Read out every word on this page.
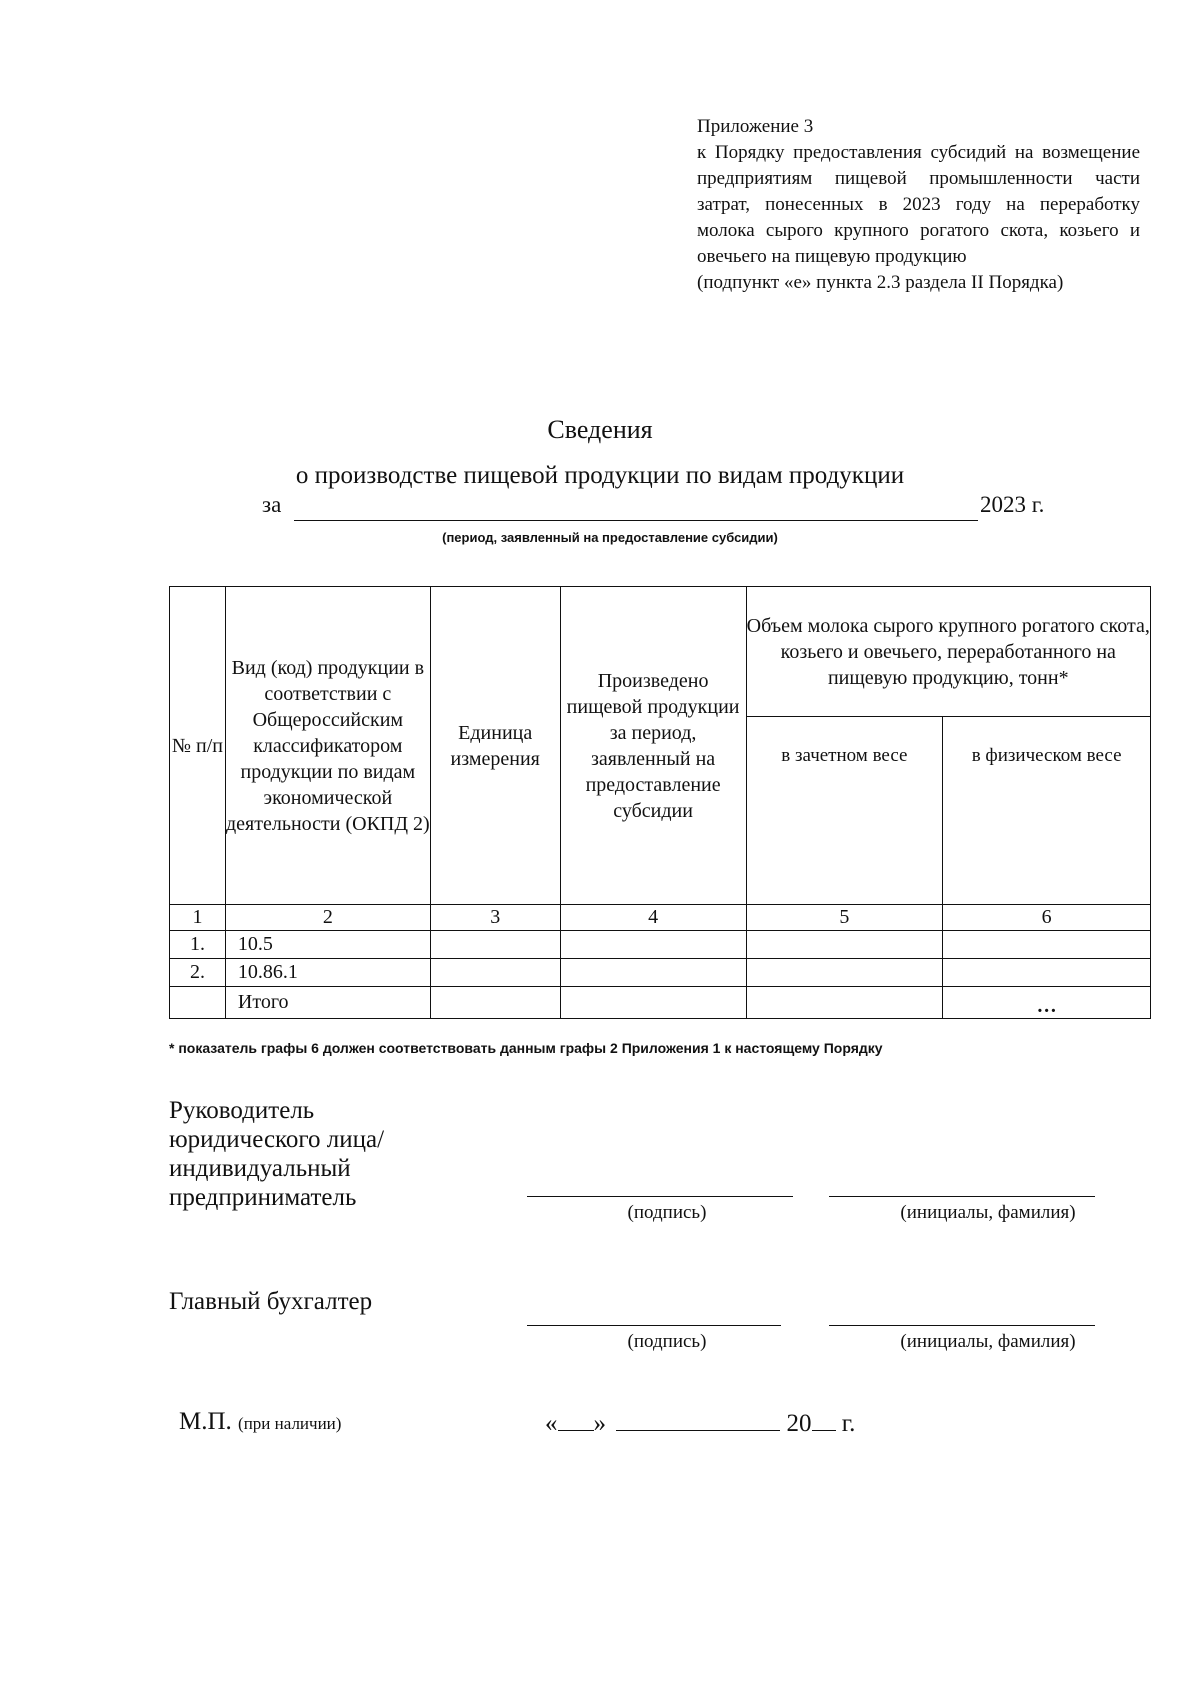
Приложение 3
к Порядку предоставления субсидий на возмещение предприятиям пищевой промышленности части затрат, понесенных в 2023 году на переработку молока сырого крупного рогатого скота, козьего и овечьего на пищевую продукцию
(подпункт «е» пункта 2.3 раздела II Порядка)
Сведения
о производстве пищевой продукции по видам продукции
за	2023 г.
(период, заявленный на предоставление субсидии)
№ п/п	Вид (код) продукции в соответствии с Общероссийским классификатором продукции по видам экономической деятельности (ОКПД 2)	Единица измерения	Произведено пищевой продукции за период, заявленный на предоставление субсидии	Объем молока сырого крупного рогатого скота, козьего и овечьего, переработанного на пищевую продукцию, тонн*	
				в зачетном весе	в физическом весе
1	2	3	4	5	6
1.	10.5				
2.	10.86.1				
	Итого				…
* показатель графы 6 должен соответствовать данным графы 2 Приложения 1 к настоящему Порядку
Руководитель
юридического лица/
индивидуальный
предприниматель
(подпись)	(инициалы, фамилия)
Главный бухгалтер
(подпись)	(инициалы, фамилия)
М.П. (при наличии)	« »	20 г.
